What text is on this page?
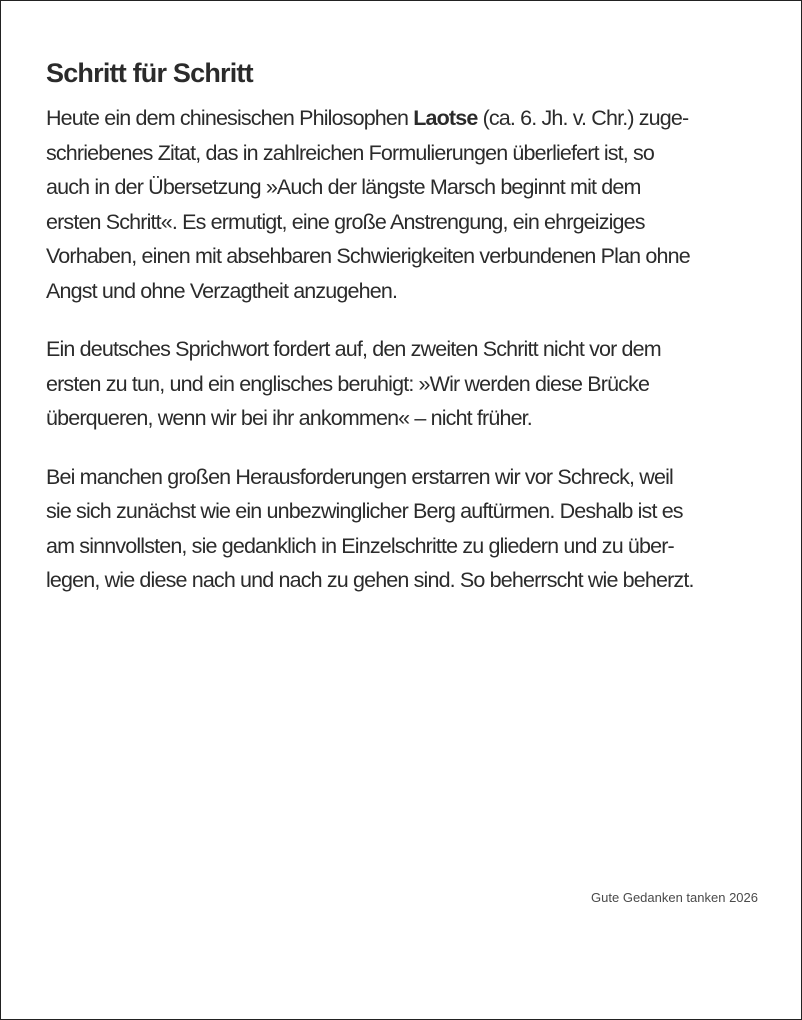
Schritt für Schritt

Heute ein dem chinesischen Philosophen Laotse (ca. 6. Jh. v. Chr.) zuge-
schriebenes Zitat, das in zahlreichen Formulierungen überliefert ist, so
auch in der Übersetzung »Auch der längste Marsch beginnt mit dem
ersten Schritt«. Es ermutigt, eine große Anstrengung, ein ehrgeiziges
Vorhaben, einen mit absehbaren Schwierigkeiten verbundenen Plan ohne
Angst und ohne Verzagtheit anzugehen.

Ein deutsches Sprichwort fordert auf, den zweiten Schritt nicht vor dem
ersten zu tun, und ein englisches beruhigt: »Wir werden diese Brücke
überqueren, wenn wir bei ihr ankommen« – nicht früher.

Bei manchen großen Herausforderungen erstarren wir vor Schreck, weil
sie sich zunächst wie ein unbezwinglicher Berg auftürmen. Deshalb ist es
am sinnvollsten, sie gedanklich in Einzelschritte zu gliedern und zu über-
legen, wie diese nach und nach zu gehen sind. So beherrscht wie beherzt.

Gute Gedanken tanken 2026
